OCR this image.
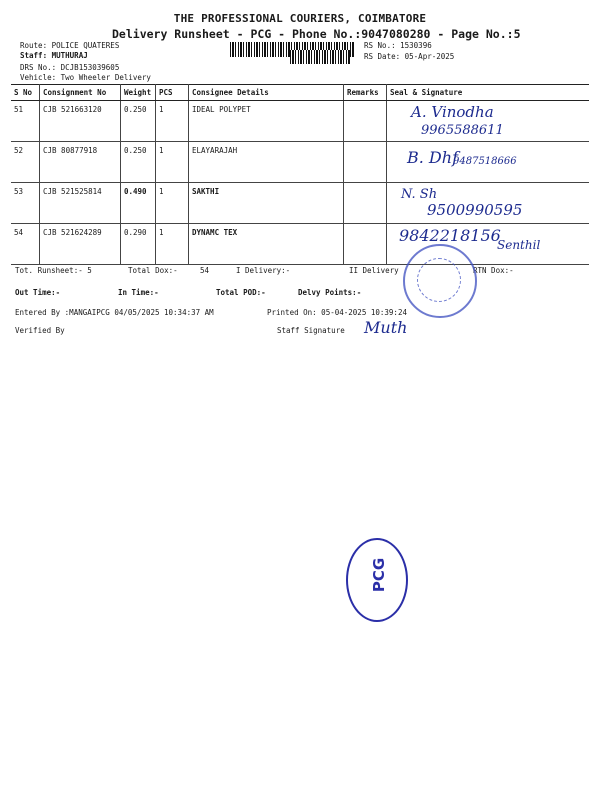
THE PROFESSIONAL COURIERS, COIMBATORE
Delivery Runsheet - PCG - Phone No.:9047080280 - Page No.:5
Route: POLICE QUATERES
Staff: MUTHURAJ
DRS No.: DCJB153039605
Vehicle: Two Wheeler Delivery
RS No.: 1530396
RS Date: 05-Apr-2025
S No	Consignment No	Weight	PCS	Consignee Details	Remarks	Seal & Signature
51	CJB 521663120	0.250	1	IDEAL POLYPET		A. Vinodha
9965588611

52	CJB 80877918	0.250	1	ELAYARAJAH		B. Dhf
9487518666

53	CJB 521525814	0.490	1	SAKTHI		N. Sh
9500990595

54	CJB 521624289	0.290	1	DYNAMC TEX		9842218156
Senthil
Tot. Runsheet:- 5	Total Dox:-	54	I Delivery:-	II Delivery	RTN Dox:-
Out Time:-	In Time:-	Total POD:-	Delvy Points:-
Entered By :MANGAIPCG 04/05/2025 10:34:37 AM	Printed On: 05-04-2025 10:39:24
Verified By	Staff Signature Muth
PCG
